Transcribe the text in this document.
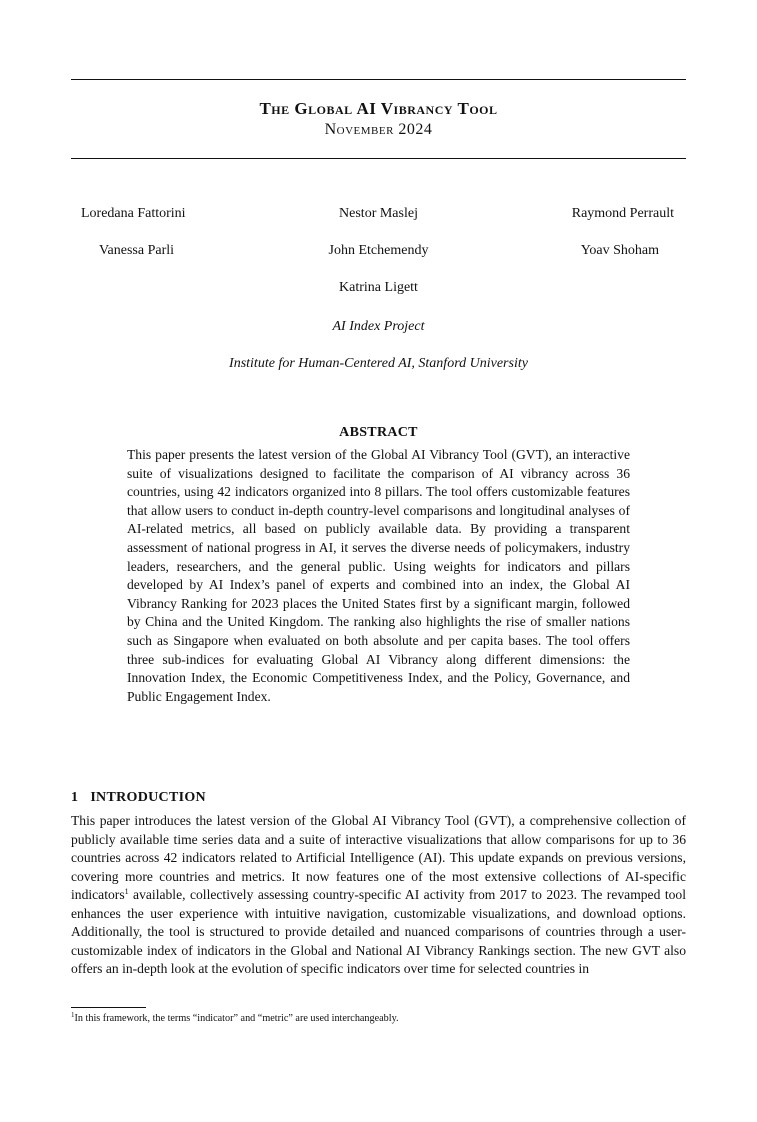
The Global AI Vibrancy Tool
November 2024
Loredana Fattorini	Nestor Maslej	Raymond Perrault
Vanessa Parli	John Etchemendy	Yoav Shoham
Katrina Ligett
AI Index Project
Institute for Human-Centered AI, Stanford University
ABSTRACT
This paper presents the latest version of the Global AI Vibrancy Tool (GVT), an interactive suite of visualizations designed to facilitate the comparison of AI vibrancy across 36 countries, using 42 indicators organized into 8 pillars. The tool offers customizable features that allow users to conduct in-depth country-level comparisons and longitudinal analyses of AI-related metrics, all based on publicly available data. By providing a transparent assessment of national progress in AI, it serves the diverse needs of policymakers, industry leaders, researchers, and the general public. Using weights for indicators and pillars developed by AI Index’s panel of experts and combined into an index, the Global AI Vibrancy Ranking for 2023 places the United States first by a significant margin, followed by China and the United Kingdom. The ranking also highlights the rise of smaller nations such as Singapore when evaluated on both absolute and per capita bases. The tool offers three sub-indices for evaluating Global AI Vibrancy along different dimensions: the Innovation Index, the Economic Competitiveness Index, and the Policy, Governance, and Public Engagement Index.
1 INTRODUCTION
This paper introduces the latest version of the Global AI Vibrancy Tool (GVT), a comprehensive collection of publicly available time series data and a suite of interactive visualizations that allow comparisons for up to 36 countries across 42 indicators related to Artificial Intelligence (AI). This update expands on previous versions, covering more countries and metrics. It now features one of the most extensive collections of AI-specific indicators$^1$ available, collectively assessing country-specific AI activity from 2017 to 2023. The revamped tool enhances the user experience with intuitive navigation, customizable visualizations, and download options. Additionally, the tool is structured to provide detailed and nuanced comparisons of countries through a user-customizable index of indicators in the Global and National AI Vibrancy Rankings section. The new GVT also offers an in-depth look at the evolution of specific indicators over time for selected countries in
$^1$In this framework, the terms “indicator” and “metric” are used interchangeably.
